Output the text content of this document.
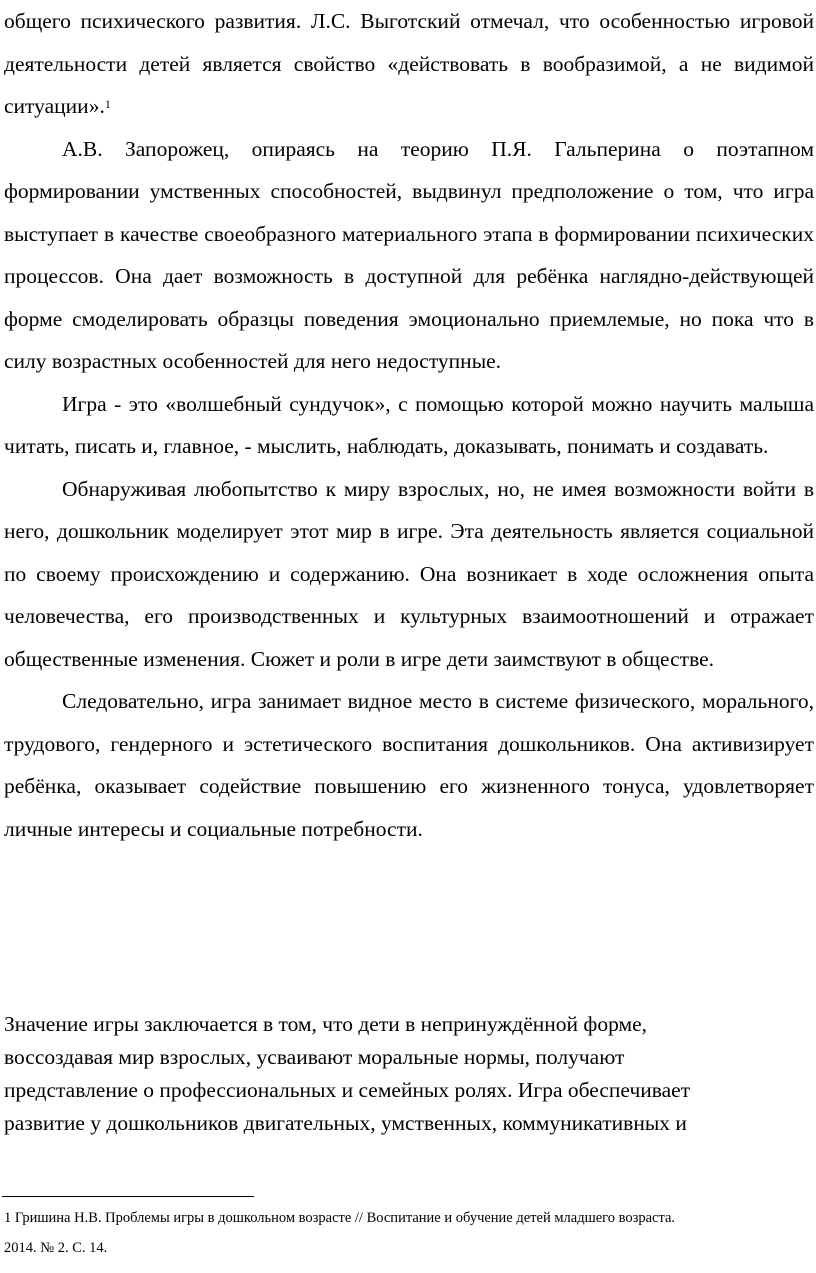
общего психического развития. Л.С. Выготский отмечал, что особенностью игровой деятельности детей является свойство «действовать в вообразимой, а не видимой ситуации».$^1$

А.В. Запорожец, опираясь на теорию П.Я. Гальперина о поэтапном формировании умственных способностей, выдвинул предположение о том, что игра выступает в качестве своеобразного материального этапа в формировании психических процессов. Она дает возможность в доступной для ребёнка наглядно-действующей форме смоделировать образцы поведения эмоционально приемлемые, но пока что в силу возрастных особенностей для него недоступные.

Игра - это «волшебный сундучок», с помощью которой можно научить малыша читать, писать и, главное, - мыслить, наблюдать, доказывать, понимать и создавать.

Обнаруживая любопытство к миру взрослых, но, не имея возможности войти в него, дошкольник моделирует этот мир в игре. Эта деятельность является социальной по своему происхождению и содержанию. Она возникает в ходе осложнения опыта человечества, его производственных и культурных взаимоотношений и отражает общественные изменения. Сюжет и роли в игре дети заимствуют в обществе.

Следовательно, игра занимает видное место в системе физического, морального, трудового, гендерного и эстетического воспитания дошкольников. Она активизирует ребёнка, оказывает содействие повышению его жизненного тонуса, удовлетворяет личные интересы и социальные потребности.

Значение игры заключается в том, что дети в непринуждённой форме,

воссоздавая мир взрослых, усваивают моральные нормы, получают

представление о профессиональных и семейных ролях. Игра обеспечивает

развитие у дошкольников двигательных, умственных, коммуникативных и

1 Гришина Н.В. Проблемы игры в дошкольном возрасте // Воспитание и обучение детей младшего возраста.

2014. № 2. С. 14.
